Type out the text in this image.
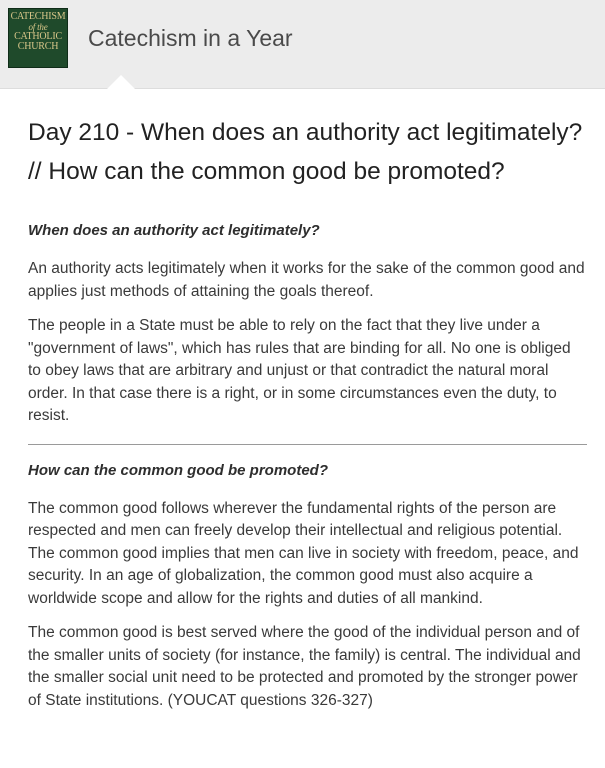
CATECHISM
of the
CATHOLIC
CHURCH	Catechism in a Year
Day 210 - When does an authority act legitimately? // How can the common good be promoted?

When does an authority act legitimately?

An authority acts legitimately when it works for the sake of the common good and applies just methods of attaining the goals thereof.

The people in a State must be able to rely on the fact that they live under a "government of laws", which has rules that are binding for all. No one is obliged to obey laws that are arbitrary and unjust or that contradict the natural moral order. In that case there is a right, or in some circumstances even the duty, to resist.

How can the common good be promoted?

The common good follows wherever the fundamental rights of the person are respected and men can freely develop their intellectual and religious potential. The common good implies that men can live in society with freedom, peace, and security. In an age of globalization, the common good must also acquire a worldwide scope and allow for the rights and duties of all mankind.

The common good is best served where the good of the individual person and of the smaller units of society (for instance, the family) is central. The individual and the smaller social unit need to be protected and promoted by the stronger power of State institutions. (YOUCAT questions 326-327)
